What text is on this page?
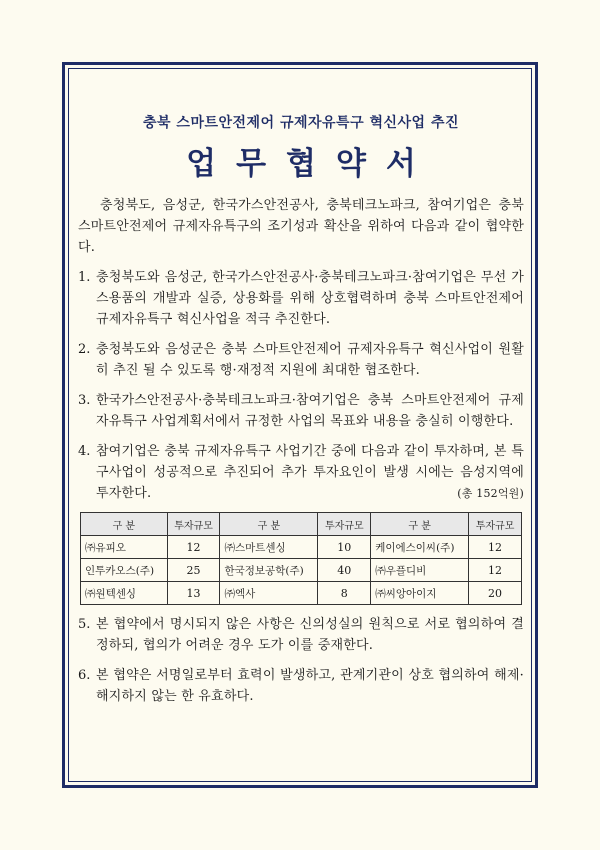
충북 스마트안전제어 규제자유특구 혁신사업 추진
업무협약서
충청북도, 음성군, 한국가스안전공사, 충북테크노파크, 참여기업은 충북 스마트안전제어 규제자유특구의 조기성과 확산을 위하여 다음과 같이 협약한다.
1. 충청북도와 음성군, 한국가스안전공사·충북테크노파크·참여기업은 무선 가스용품의 개발과 실증, 상용화를 위해 상호협력하며 충북 스마트안전제어 규제자유특구 혁신사업을 적극 추진한다.
2. 충청북도와 음성군은 충북 스마트안전제어 규제자유특구 혁신사업이 원활히 추진 될 수 있도록 행·재정적 지원에 최대한 협조한다.
3. 한국가스안전공사·충북테크노파크·참여기업은 충북 스마트안전제어 규제자유특구 사업계획서에서 규정한 사업의 목표와 내용을 충실히 이행한다.
4. 참여기업은 충북 규제자유특구 사업기간 중에 다음과 같이 투자하며, 본 특구사업이 성공적으로 추진되어 추가 투자요인이 발생 시에는 음성지역에 투자한다.	(총 152억원)
구 분	투자규모	구 분	투자규모	구 분	투자규모
㈜유피오	12	㈜스마트센싱	10	케이에스이씨(주)	12
인투카오스(주)	25	한국정보공학(주)	40	㈜우플디비	12
㈜원텍센싱	13	㈜엑사	8	㈜씨앙아이지	20
5. 본 협약에서 명시되지 않은 사항은 신의성실의 원칙으로 서로 협의하여 결정하되, 협의가 어려운 경우 도가 이를 중재한다.
6. 본 협약은 서명일로부터 효력이 발생하고, 관계기관이 상호 협의하여 해제·해지하지 않는 한 유효하다.
